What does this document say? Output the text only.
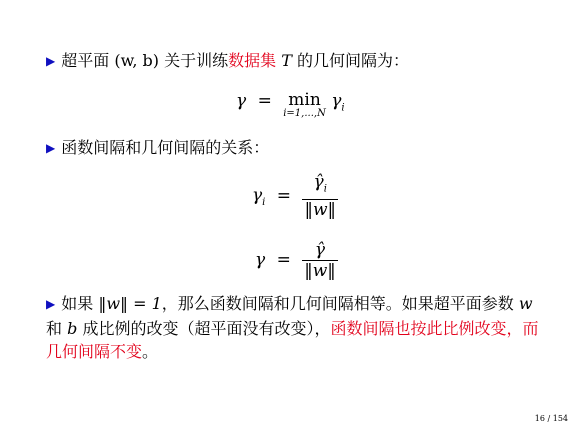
▶ 超平面 (w, b) 关于训练数据集 T 的几何间隔为：
γ = min
i=1,...,N
$\gamma_i$
▶ 函数间隔和几何间隔的关系：
$\gamma_i = \frac{\gammâ_i}{‖w‖}$
$\gamma = \frac{\gammâ}{‖w‖}$
▶ 如果 ‖w‖ = 1，那么函数间隔和几何间隔相等。如果超平面参数 w 和 b 成比例的改变（超平面没有改变），函数间隔也按此比例改变，而几何间隔不变。
16 / 154
